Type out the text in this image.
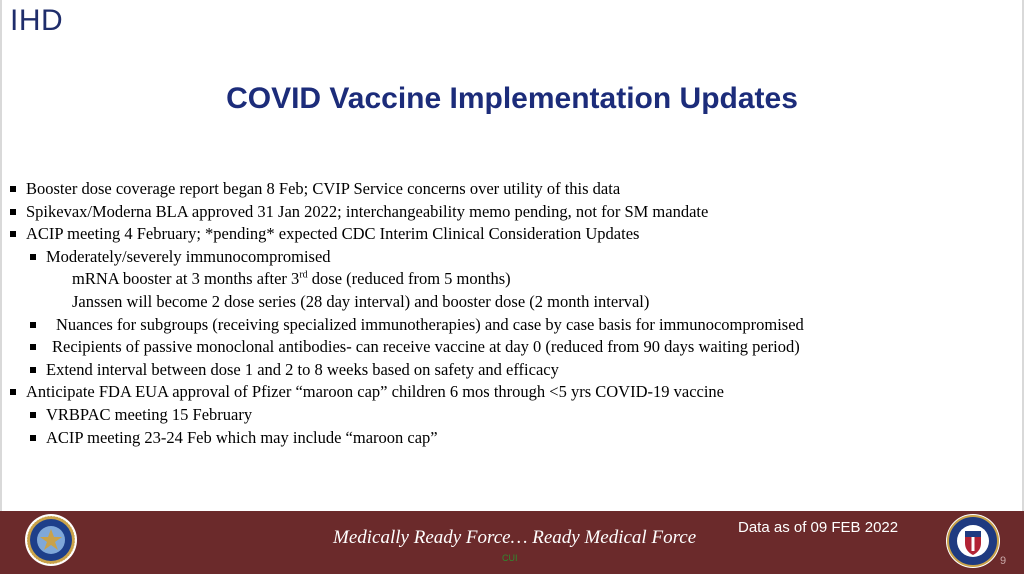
IHD
COVID Vaccine Implementation Updates
Booster dose coverage report began 8 Feb; CVIP Service concerns over utility of this data
Spikevax/Moderna BLA approved 31 Jan 2022; interchangeability memo pending, not for SM mandate
ACIP meeting 4 February; *pending* expected CDC Interim Clinical Consideration Updates
Moderately/severely immunocompromised
mRNA booster at 3 months after 3rd dose (reduced from 5 months)
Janssen will become 2 dose series (28 day interval) and booster dose (2 month interval)
Nuances for subgroups (receiving specialized immunotherapies) and case by case basis for immunocompromised
Recipients of passive monoclonal antibodies- can receive vaccine at day 0 (reduced from 90 days waiting period)
Extend interval between dose 1 and 2 to 8 weeks based on safety and efficacy
Anticipate FDA EUA approval of Pfizer “maroon cap” children 6 mos through <5 yrs COVID-19 vaccine
VRBPAC meeting 15 February
ACIP meeting 23-24 Feb which may include “maroon cap”
Medically Ready Force… Ready Medical Force	Data as of 09 FEB 2022
CUI	9
